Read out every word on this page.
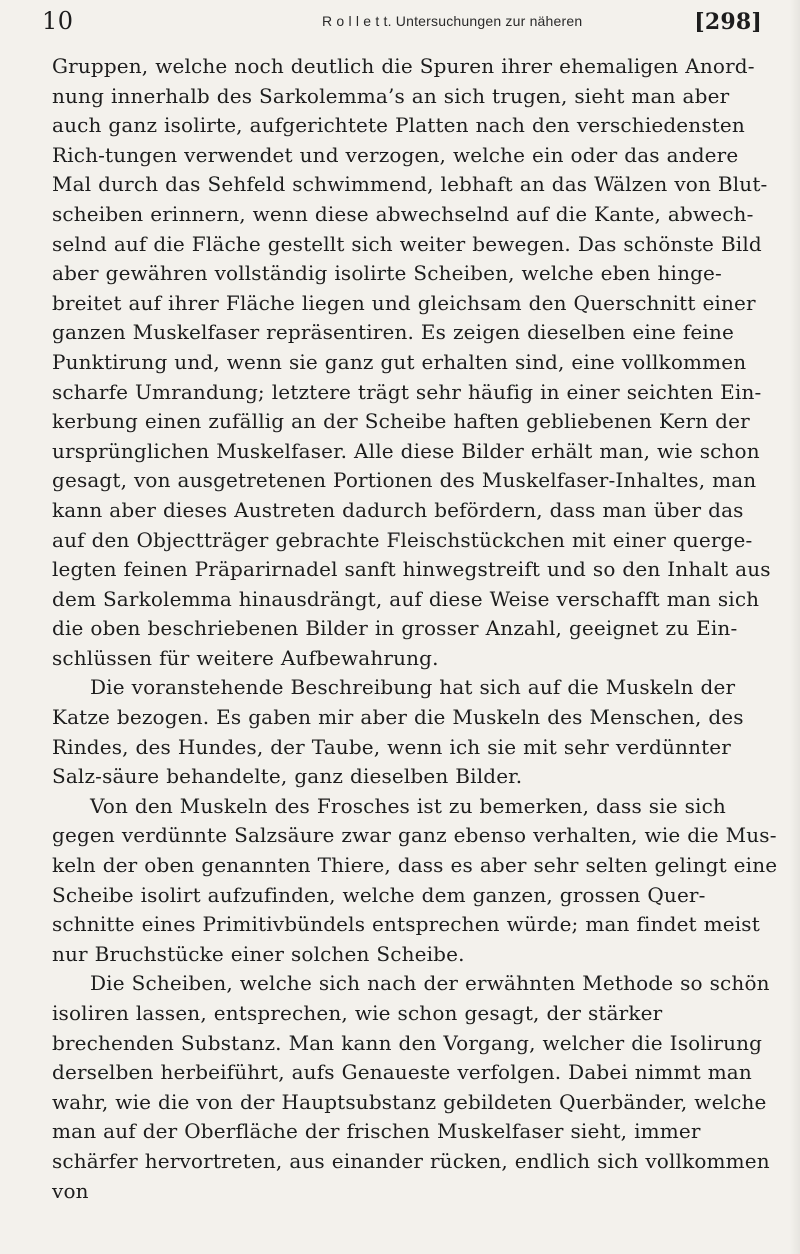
10	R o l l e t t. Untersuchungen zur näheren	[298]

Gruppen, welche noch deutlich die Spuren ihrer ehemaligen Anord-nung innerhalb des Sarkolemma’s an sich trugen, sieht man aber auch ganz isolirte, aufgerichtete Platten nach den verschiedensten Rich-tungen verwendet und verzogen, welche ein oder das andere Mal durch das Sehfeld schwimmend, lebhaft an das Wälzen von Blut-scheiben erinnern, wenn diese abwechselnd auf die Kante, abwech-selnd auf die Fläche gestellt sich weiter bewegen. Das schönste Bild aber gewähren vollständig isolirte Scheiben, welche eben hinge-breitet auf ihrer Fläche liegen und gleichsam den Querschnitt einer ganzen Muskelfaser repräsentiren. Es zeigen dieselben eine feine Punktirung und, wenn sie ganz gut erhalten sind, eine vollkommen scharfe Umrandung; letztere trägt sehr häufig in einer seichten Ein-kerbung einen zufällig an der Scheibe haften gebliebenen Kern der ursprünglichen Muskelfaser. Alle diese Bilder erhält man, wie schon gesagt, von ausgetretenen Portionen des Muskelfaser-Inhaltes, man kann aber dieses Austreten dadurch befördern, dass man über das auf den Objectträger gebrachte Fleischstückchen mit einer querge-legten feinen Präparirnadel sanft hinwegstreift und so den Inhalt aus dem Sarkolemma hinausdrängt, auf diese Weise verschafft man sich die oben beschriebenen Bilder in grosser Anzahl, geeignet zu Ein-schlüssen für weitere Aufbewahrung.

Die voranstehende Beschreibung hat sich auf die Muskeln der Katze bezogen. Es gaben mir aber die Muskeln des Menschen, des Rindes, des Hundes, der Taube, wenn ich sie mit sehr verdünnter Salz-säure behandelte, ganz dieselben Bilder.

Von den Muskeln des Frosches ist zu bemerken, dass sie sich gegen verdünnte Salzsäure zwar ganz ebenso verhalten, wie die Mus-keln der oben genannten Thiere, dass es aber sehr selten gelingt eine Scheibe isolirt aufzufinden, welche dem ganzen, grossen Quer-schnitte eines Primitivbündels entsprechen würde; man findet meist nur Bruchstücke einer solchen Scheibe.

Die Scheiben, welche sich nach der erwähnten Methode so schön isoliren lassen, entsprechen, wie schon gesagt, der stärker brechenden Substanz. Man kann den Vorgang, welcher die Isolirung derselben herbeiführt, aufs Genaueste verfolgen. Dabei nimmt man wahr, wie die von der Hauptsubstanz gebildeten Querbänder, welche man auf der Oberfläche der frischen Muskelfaser sieht, immer schärfer hervortreten, aus einander rücken, endlich sich vollkommen von
